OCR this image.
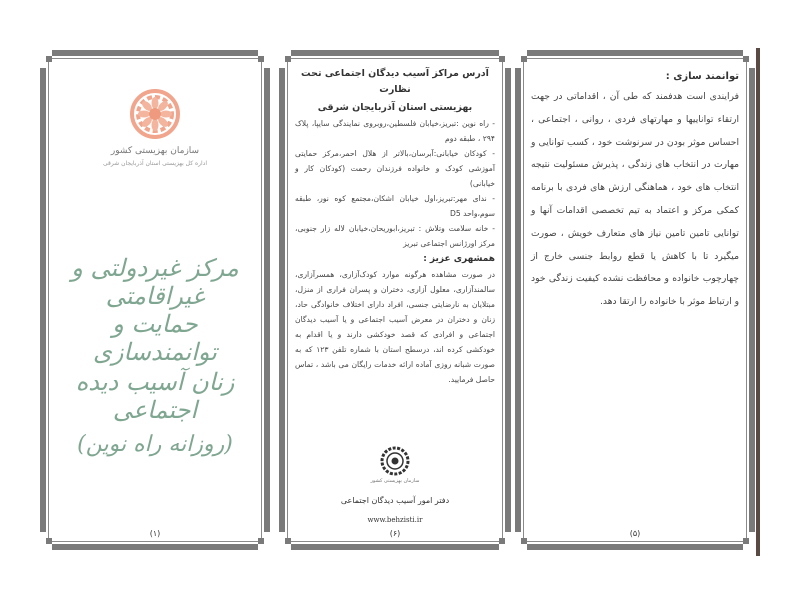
سازمان بهزیستی کشور
اداره کل بهزیستی استان آذربایجان شرقی
مرکز غیردولتی و غیراقامتی
حمایت و توانمندسازی
زنان آسیب دیده اجتماعی
(روزانه راه نوین)
(۱)
آدرس مراکز آسیب دیدگان اجتماعی تحت نظارت
بهزیستی استان آذربایجان شرقی
- راه نوین :تبریز،خیابان فلسطین،روبروی نمایندگی سایپا، پلاک ۲۹۴ ، طبقه دوم
- کودکان خیابانی:آبرسان،بالاتر از هلال احمر،مرکز حمایتی آموزشی کودک و خانواده فرزندان رحمت (کودکان کار و خیابانی)
- ندای مهر:تبریز،اول خیابان اشکان،مجتمع کوه نور، طبقه سوم،واحد D5
- خانه سلامت وتلاش : تبریز،ابوریحان،خیابان لاله زار جنوبی، مرکز اورژانس اجتماعی تبریز
همشهری عزیز :
در صورت مشاهده هرگونه موارد کودک‌آزاری، همسرآزاری، سالمندآزاری، معلول آزاری، دختران و پسران فراری از منزل، مبتلایان به نارضایتی جنسی، افراد دارای اختلاف خانوادگی حاد، زنان و دختران در معرض آسیب اجتماعی و یا آسیب دیدگان اجتماعی و افرادی که قصد خودکشی دارند و یا اقدام به خودکشی کرده اند، درسطح استان با شماره تلفن ۱۲۳ که به صورت شبانه روزی آماده ارائه خدمات رایگان می باشد ، تماس حاصل فرمایید.
سازمان بهزیستی کشور
دفتر امور آسیب دیدگان اجتماعی
www.behzisti.ir
(۶)
توانمند سازی :
فرایندی است هدفمند که طی آن ، اقداماتی در جهت ارتقاء تواناییها و مهارتهای فردی ، روانی ، اجتماعی ، احساس موثر بودن در سرنوشت خود ، کسب توانایی و مهارت در انتخاب های زندگی ، پذیرش مسئولیت نتیجه انتخاب های خود ، هماهنگی ارزش های فردی با برنامه کمکی مرکز و اعتماد به تیم تخصصی اقدامات آنها و توانایی تامین تامین نیاز های متعارف خویش ، صورت میگیرد تا با کاهش یا قطع روابط جنسی خارج از چهارچوب خانواده و محافظت نشده کیفیت زندگی خود و ارتباط موثر با خانواده را ارتقا دهد.
(۵)
